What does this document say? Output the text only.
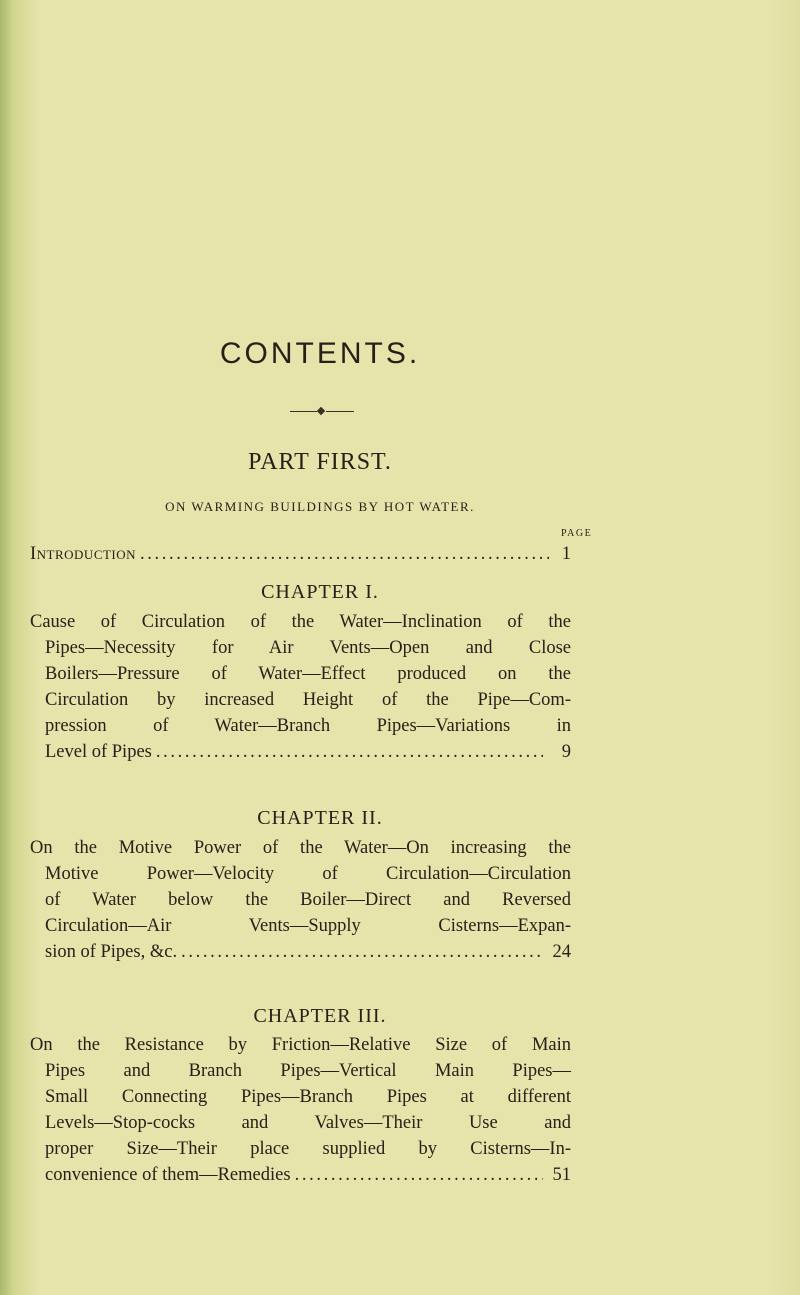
CONTENTS.
PART FIRST.
ON WARMING BUILDINGS BY HOT WATER.
PAGE
Introduction . . .	1
CHAPTER I.
Cause of Circulation of the Water—Inclination of the
Pipes—Necessity for Air Vents—Open and Close
Boilers—Pressure of Water—Effect produced on the
Circulation by increased Height of the Pipe—Com-
pression of Water—Branch Pipes—Variations in
Level of Pipes . . .	9
CHAPTER II.
On the Motive Power of the Water—On increasing the
Motive Power—Velocity of Circulation—Circulation
of Water below the Boiler—Direct and Reversed
Circulation—Air Vents—Supply Cisterns—Expan-
sion of Pipes, &c. . . .	24
CHAPTER III.
On the Resistance by Friction—Relative Size of Main
Pipes and Branch Pipes—Vertical Main Pipes—
Small Connecting Pipes—Branch Pipes at different
Levels—Stop-cocks and Valves—Their Use and
proper Size—Their place supplied by Cisterns—In-
convenience of them—Remedies . . .	51
